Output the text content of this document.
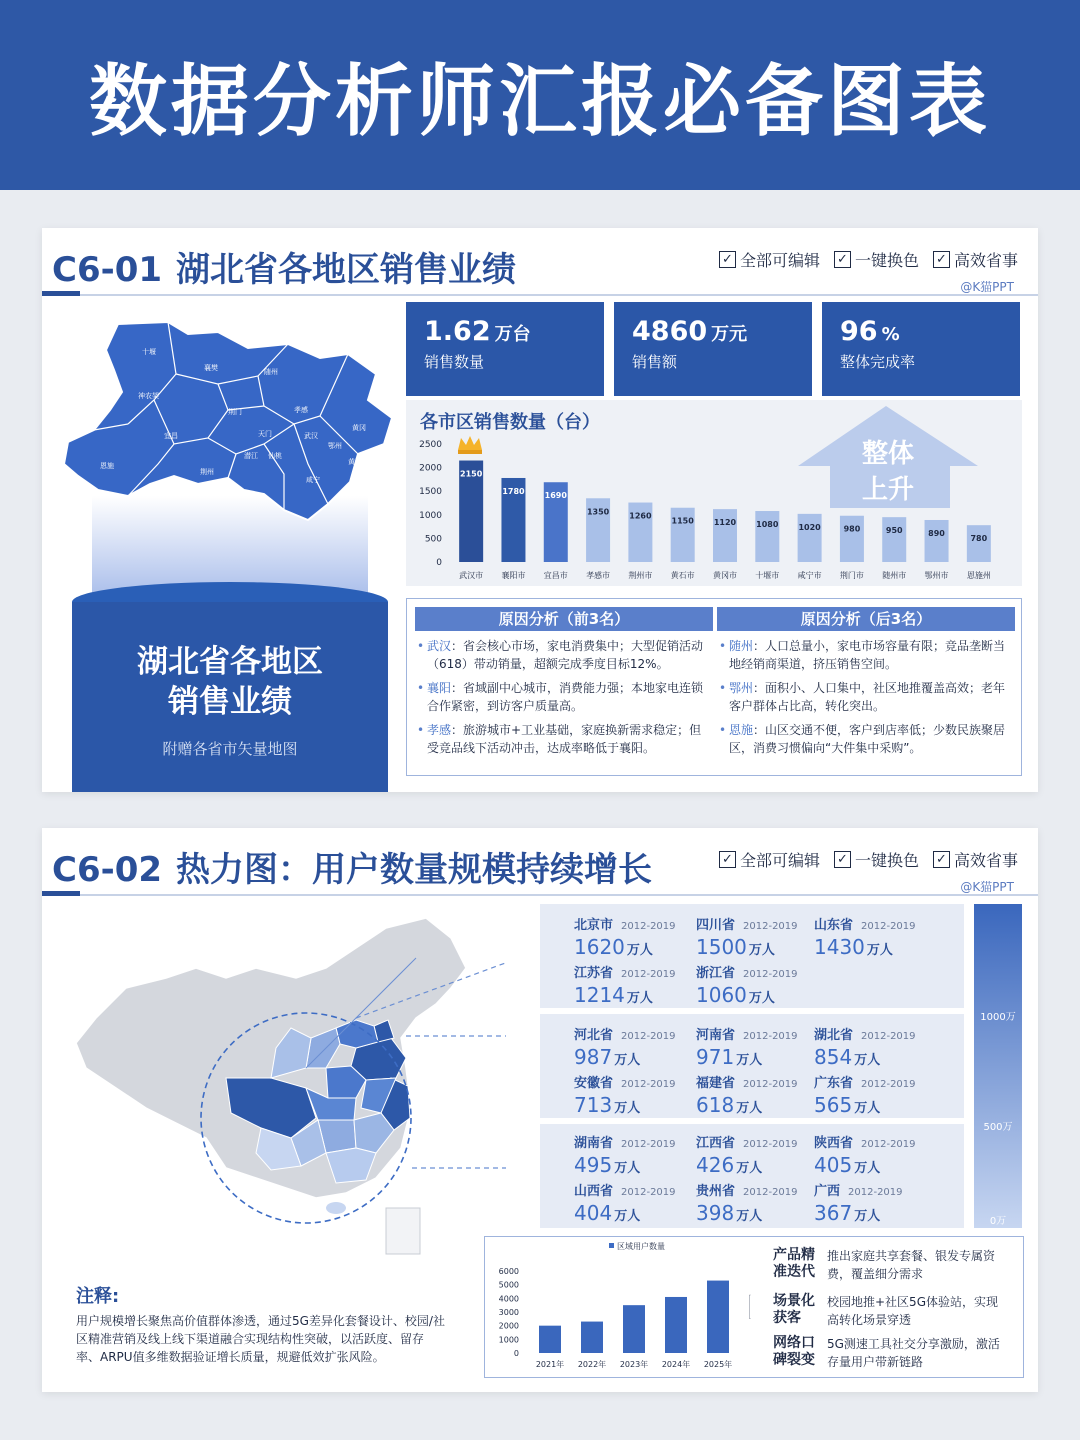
数据分析师汇报必备图表
C6-01 湖北省各地区销售业绩	✓ 全部可编辑 ✓ 一键换色 ✓ 高效省事
@K猫PPT
十堰
襄樊	随州
神农架
荆门	孝感
宜昌	天门
潜江 仙桃
武汉
黄冈
鄂州
恩施
荆州
咸宁
黄石
湖北省各地区
销售业绩
附赠各省市矢量地图
1.62 万台
销售数量
4860 万元
销售额
96 %
整体完成率
各市区销售数量（台）
整体
上升
0
500
1000
1500
2000
2500
2150
武汉市
1780
襄阳市
1690
宜昌市
1350
孝感市
1260
荆州市
1150
黄石市
1120
黄冈市
1080
十堰市
1020
咸宁市
980
荆门市
950
随州市
890
鄂州市
780
恩施州
原因分析（前3名）
• 武汉：省会核心市场，家电消费集中；大型促销活动（618）带动销量，超额完成季度目标12%。
• 襄阳：省域副中心城市，消费能力强；本地家电连锁合作紧密，到访客户质量高。
• 孝感：旅游城市+工业基础，家庭换新需求稳定；但受竞品线下活动冲击，达成率略低于襄阳。
原因分析（后3名）
• 随州：人口总量小，家电市场容量有限；竞品垄断当地经销商渠道，挤压销售空间。
• 鄂州：面积小、人口集中，社区地推覆盖高效；老年客户群体占比高，转化突出。
• 恩施：山区交通不便，客户到店率低；少数民族聚居区，消费习惯偏向“大件集中采购”。
C6-02 热力图：用户数量规模持续增长	✓ 全部可编辑 ✓ 一键换色 ✓ 高效省事
@K猫PPT
注释:
用户规模增长聚焦高价值群体渗透，通过5G差异化套餐设计、校园/社区精准营销及线上线下渠道融合实现结构性突破，以活跃度、留存率、ARPU值多维数据验证增长质量，规避低效扩张风险。
北京市 2012-2019
1620 万人
四川省 2012-2019
1500 万人
山东省 2012-2019
1430 万人
江苏省 2012-2019
1214 万人
浙江省 2012-2019
1060 万人
河北省 2012-2019
987 万人
河南省 2012-2019
971 万人
湖北省 2012-2019
854 万人
安徽省 2012-2019
713 万人
福建省 2012-2019
618 万人
广东省 2012-2019
565 万人
湖南省 2012-2019
495 万人
江西省 2012-2019
426 万人
陕西省 2012-2019
405 万人
山西省 2012-2019
404 万人
贵州省 2012-2019
398 万人
广西 2012-2019
367 万人
1000万
500万
0万
区域用户数量
0
1000
2000
3000
4000
5000
6000
2021年 2022年 2023年 2024年 2025年
产品精
准迭代
推出家庭共享套餐、银发专属资费，覆盖细分需求
场景化
获客
校园地推+社区5G体验站，实现高转化场景穿透
网络口
碑裂变
5G测速工具社交分享激励，激活存量用户带新链路
